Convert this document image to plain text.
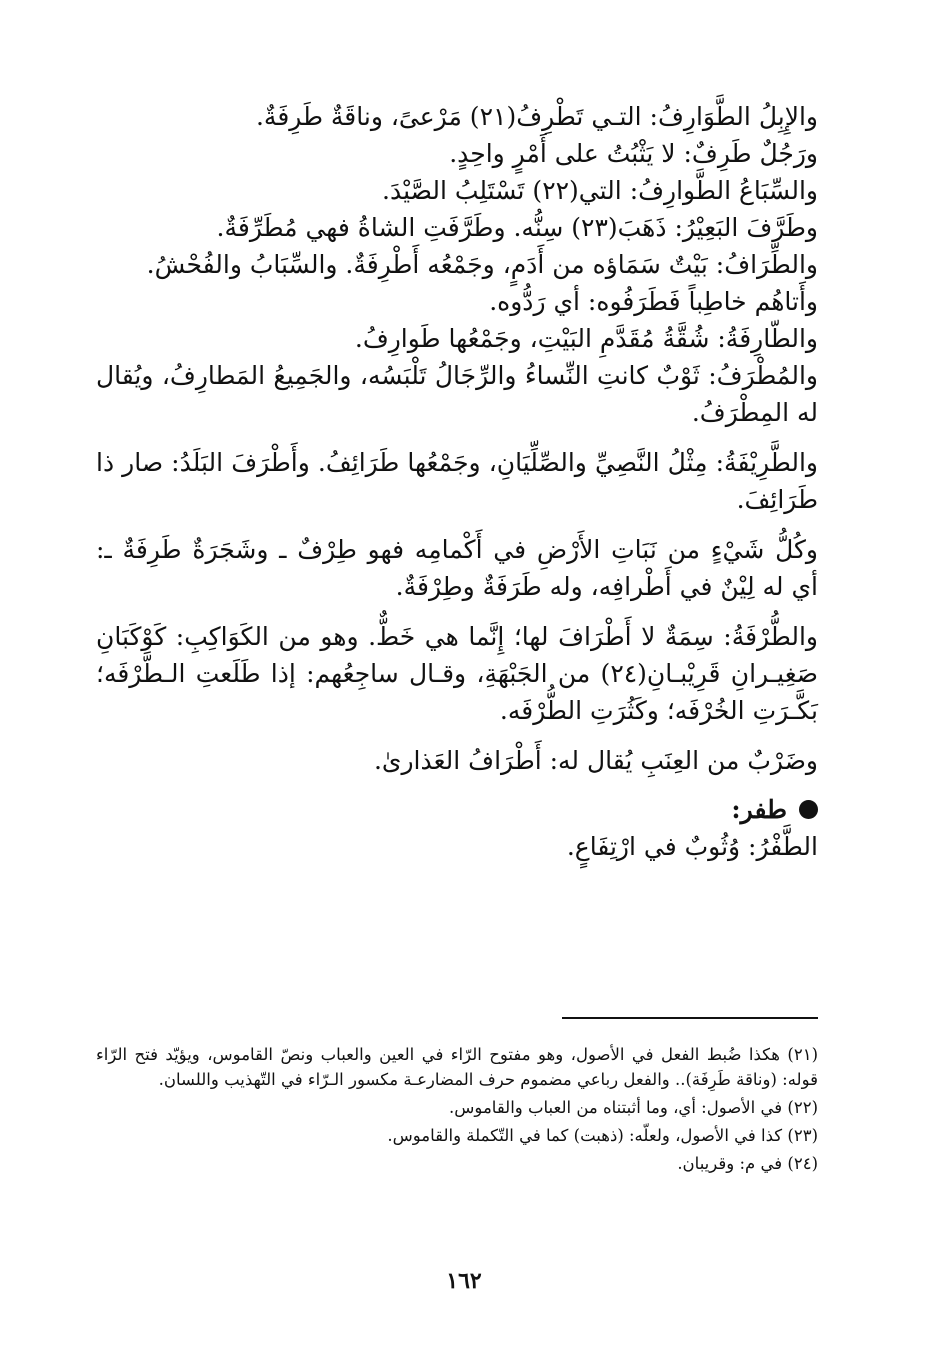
والإِبِلُ الطَّوَارِفُ: التـي تَطْرِفُ(٢١) مَرْعىً، وناقَةٌ طَرِفَةٌ.

ورَجُلٌ طَرِفٌ: لا يَثْبُتُ على أَمْرٍ واحِدٍ.

والسِّبَاعُ الطَّوارِفُ: التي(٢٢) تَسْتَلِبُ الصَّيْدَ.

وطَرَّفَ البَعِيْرُ: ذَهَبَ(٢٣) سِنُّه. وطَرَّفَتِ الشاةُ فهي مُطَرِّفَةٌ.

والطِّرَافُ: بَيْتٌ سَمَاؤه من أَدَمٍ، وجَمْعُه أَطْرِفَةٌ. والسِّبَابُ والفُحْشُ.

وأَتاهُم خاطِباً فَطَرَفُوه: أي رَدُّوه.

والطّارِفَةُ: شُقَّةُ مُقَدَّمِ البَيْتِ، وجَمْعُها طَوارِفُ.

والمُطْرَفُ: ثَوْبٌ كانتِ النِّساءُ والرِّجَالُ تَلْبَسُه، والجَمِيعُ المَطارِفُ، ويُقال له المِطْرَفُ.

والطَّرِيْفَةُ: مِثْلُ النَّصِيِّ والصِّلِّيَانِ، وجَمْعُها طَرَائِفُ. وأَطْرَفَ البَلَدُ: صار ذا طَرَائِفَ.

وكُلُّ شَيْءٍ من نَبَاتِ الأَرْضِ في أَكْمامِه فهو طِرْفٌ ـ وشَجَرَةٌ طَرِفَةٌ ـ: أي له لِيْنٌ في أَطْرافِه، وله طَرَفَةٌ وطِرْفَةٌ.

والطُّرْفَةُ: سِمَةٌ لا أَطْرَافَ لها؛ إِنَّما هي خَطٌّ. وهو من الكَوَاكِبِ: كَوْكَبَانِ صَغِيـرانِ قَرِيْبـانِ(٢٤) من الجَبْهَةِ، وقـال ساجِعُهم: إذا طَلَعتِ الـطَّرْفَه؛ بَكَّـرَتِ الخُرْفَه؛ وكَثُرَتِ الطُّرْفَه.

وضَرْبٌ من العِنَبِ يُقال له: أَطْرَافُ العَذارىٰ.

طفر:

الطَّفْرُ: وُثُوبٌ في ارْتِفَاعٍ.

(٢١) هكذا ضُبط الفعل في الأصول، وهو مفتوح الرّاء في العين والعباب ونصّ القاموس، ويؤيّد فتح الرّاء قوله: (وناقة طَرِفَة).. والفعل رباعي مضموم حرف المضارعـة مكسور الـرّاء في التّهذيب واللسان.

(٢٢) في الأصول: أي، وما أثبتناه من العباب والقاموس.

(٢٣) كذا في الأصول، ولعلّه: (ذهبت) كما في التّكملة والقاموس.

(٢٤) في م: وقريبان.

١٦٢
